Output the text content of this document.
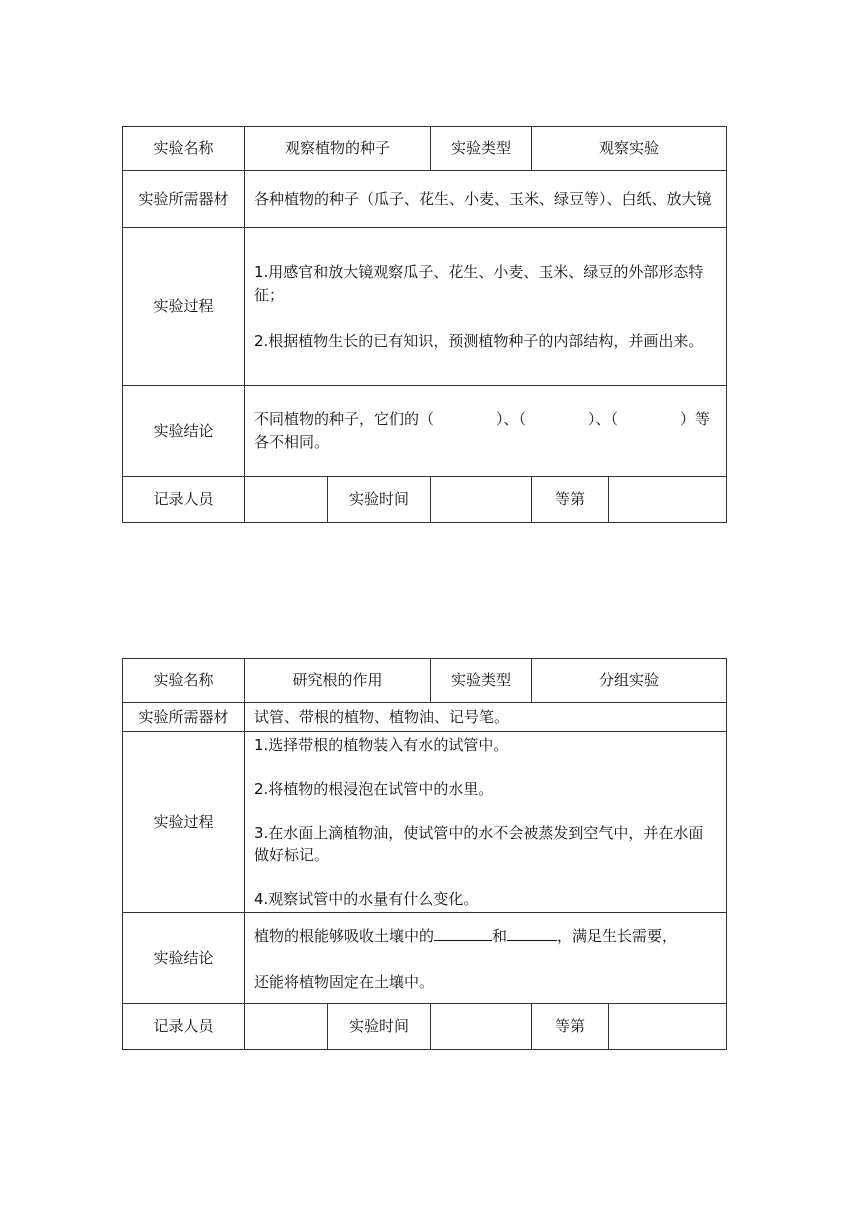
实验名称	观察植物的种子		实验类型	观察实验	
实验所需器材	各种植物的种子（瓜子、花生、小麦、玉米、绿豆等）、白纸、放大镜				
实验过程	1.用感官和放大镜观察瓜子、花生、小麦、玉米、绿豆的外部形态特征；

2.根据植物生长的已有知识，预测植物种子的内部结构，并画出来。				

实验结论	不同植物的种子，它们的（ ）、（ ）、（ ）等各不相同。				
记录人员		实验时间		等第	
实验名称	研究根的作用		实验类型	分组实验	
实验所需器材	试管、带根的植物、植物油、记号笔。				
实验过程	1.选择带根的植物装入有水的试管中。

2.将植物的根浸泡在试管中的水里。

3.在水面上滴植物油，使试管中的水不会被蒸发到空气中，并在水面做好标记。

4.观察试管中的水量有什么变化。				

实验结论	植物的根能够吸收土壤中的 和 ，满足生长需要，

还能将植物固定在土壤中。				

记录人员		实验时间		等第	
